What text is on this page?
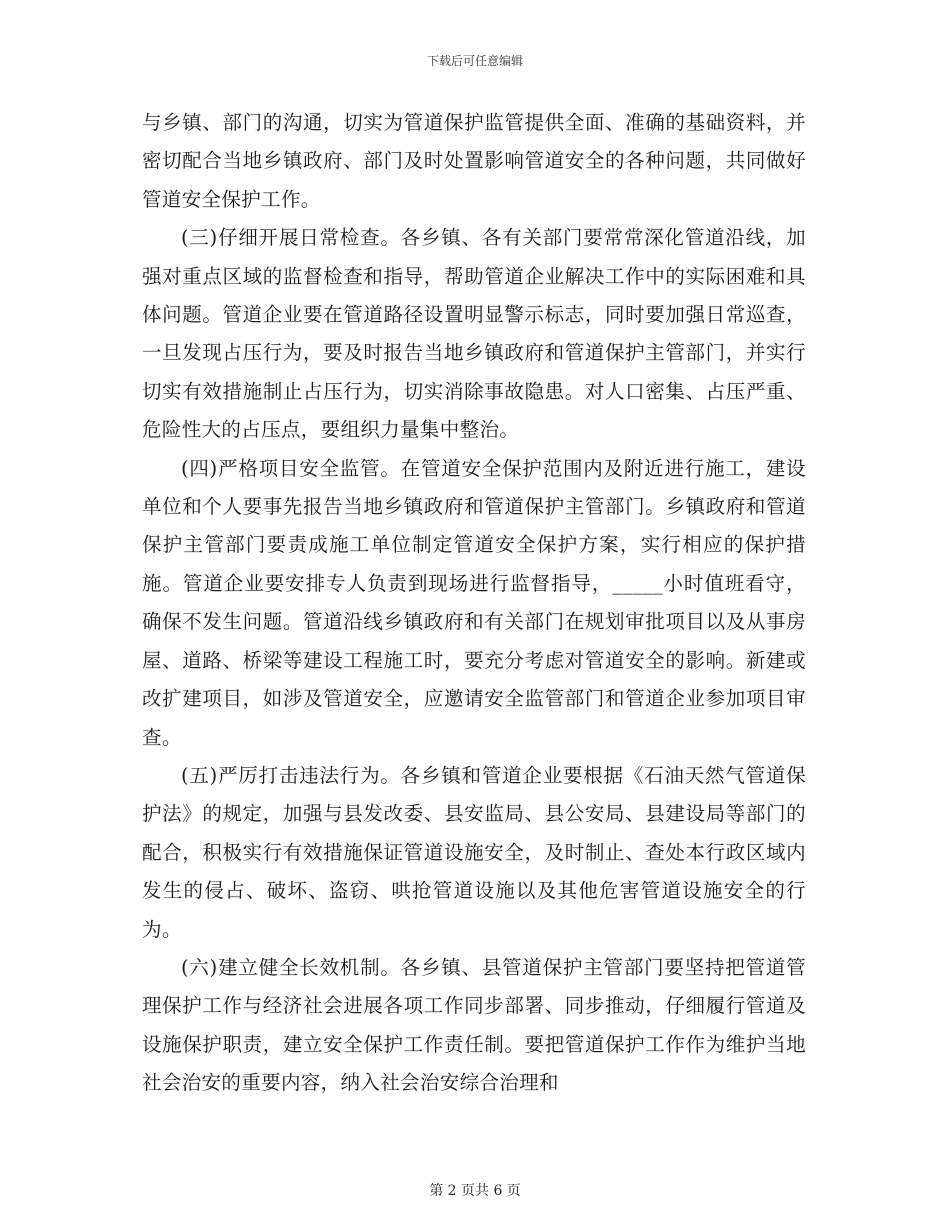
下载后可任意编辑

与乡镇、部门的沟通，切实为管道保护监管提供全面、准确的基础资料，并密切配合当地乡镇政府、部门及时处置影响管道安全的各种问题，共同做好管道安全保护工作。

(三)仔细开展日常检查。各乡镇、各有关部门要常常深化管道沿线，加强对重点区域的监督检查和指导，帮助管道企业解决工作中的实际困难和具体问题。管道企业要在管道路径设置明显警示标志，同时要加强日常巡查，一旦发现占压行为，要及时报告当地乡镇政府和管道保护主管部门，并实行切实有效措施制止占压行为，切实消除事故隐患。对人口密集、占压严重、危险性大的占压点，要组织力量集中整治。

(四)严格项目安全监管。在管道安全保护范围内及附近进行施工，建设单位和个人要事先报告当地乡镇政府和管道保护主管部门。乡镇政府和管道保护主管部门要责成施工单位制定管道安全保护方案，实行相应的保护措施。管道企业要安排专人负责到现场进行监督指导，_____小时值班看守，确保不发生问题。管道沿线乡镇政府和有关部门在规划审批项目以及从事房屋、道路、桥梁等建设工程施工时，要充分考虑对管道安全的影响。新建或改扩建项目，如涉及管道安全，应邀请安全监管部门和管道企业参加项目审查。

(五)严厉打击违法行为。各乡镇和管道企业要根据《石油天然气管道保护法》的规定，加强与县发改委、县安监局、县公安局、县建设局等部门的配合，积极实行有效措施保证管道设施安全，及时制止、查处本行政区域内发生的侵占、破坏、盗窃、哄抢管道设施以及其他危害管道设施安全的行为。

(六)建立健全长效机制。各乡镇、县管道保护主管部门要坚持把管道管理保护工作与经济社会进展各项工作同步部署、同步推动，仔细履行管道及设施保护职责，建立安全保护工作责任制。要把管道保护工作作为维护当地社会治安的重要内容，纳入社会治安综合治理和

第 2 页共 6 页
